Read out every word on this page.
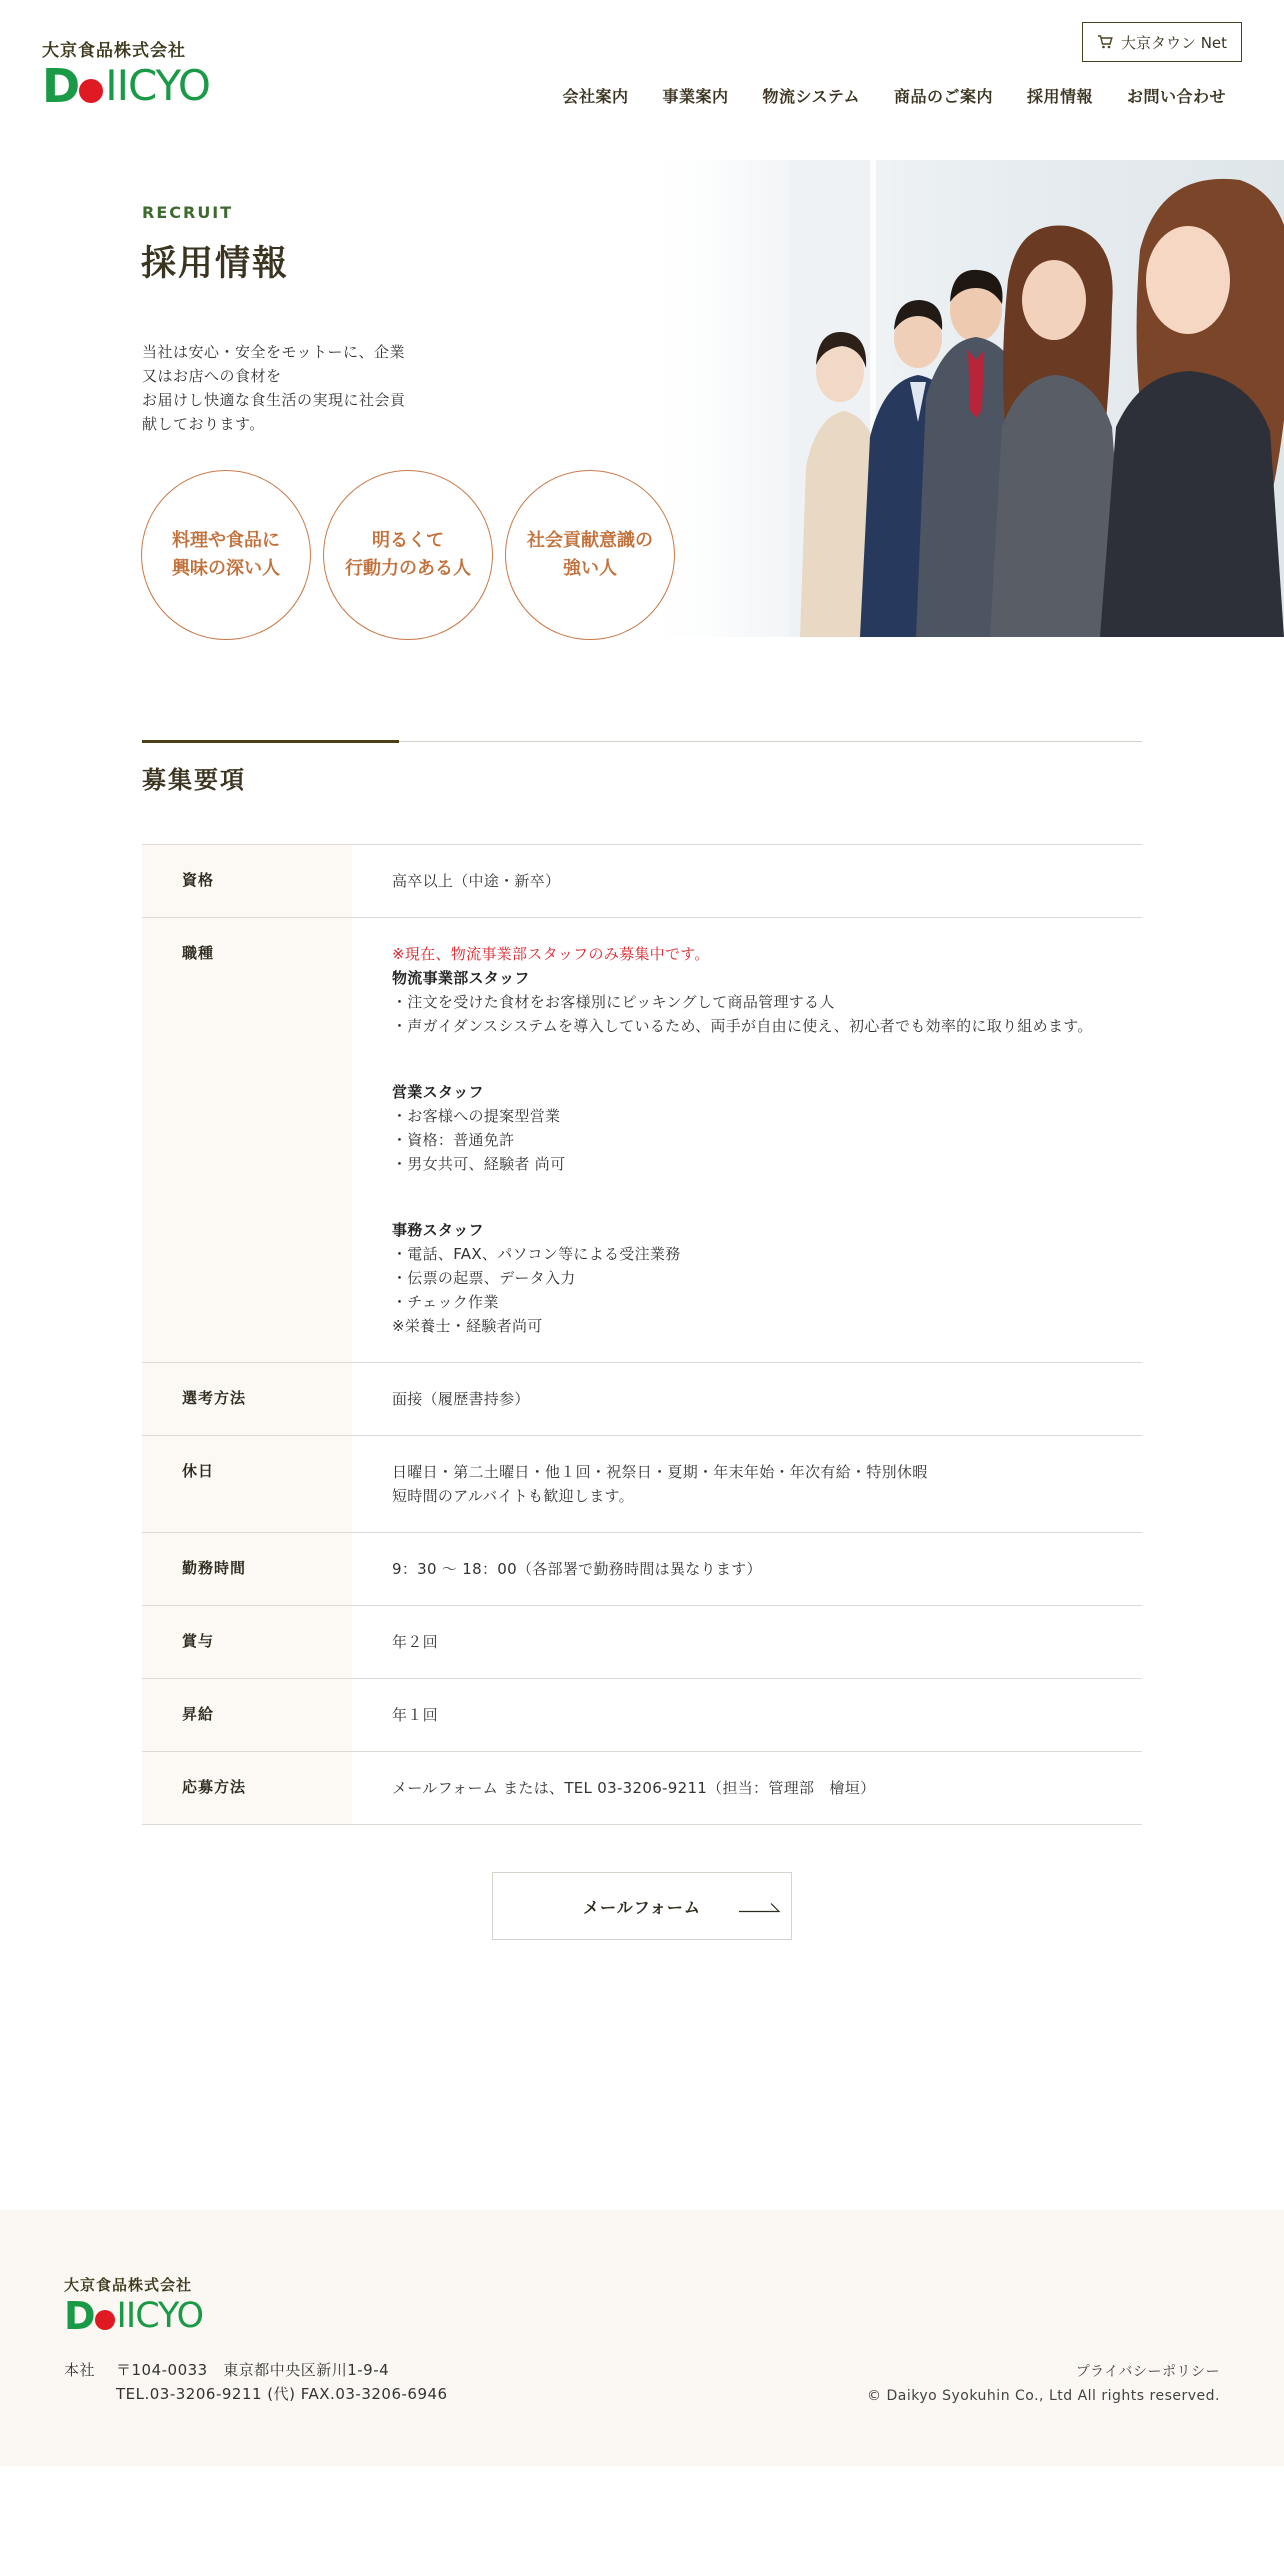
大京食品株式会社
D IICYO
大京タウン Net
会社案内 事業案内 物流システム 商品のご案内 採用情報 お問い合わせ
RECRUIT
採用情報
当社は安心・安全をモットーに、企業
又はお店への食材を
お届けし快適な食生活の実現に社会貢
献しております。
料理や食品に
興味の深い人
明るくて
行動力のある人
社会貢献意識の
強い人
募集要項
資格	高卒以上（中途・新卒）
職種	※現在、物流事業部スタッフのみ募集中です。
物流事業部スタッフ
・注文を受けた食材をお客様別にピッキングして商品管理する人
・声ガイダンスシステムを導入しているため、両手が自由に使え、初心者でも効率的に取り組めます。
営業スタッフ
・お客様への提案型営業
・資格：普通免許
・男女共可、経験者 尚可
事務スタッフ
・電話、FAX、パソコン等による受注業務
・伝票の起票、データ入力
・チェック作業
※栄養士・経験者尚可
選考方法	面接（履歴書持参）
休日	日曜日・第二土曜日・他１回・祝祭日・夏期・年末年始・年次有給・特別休暇
短時間のアルバイトも歓迎します。
勤務時間	9：30 〜 18：00（各部署で勤務時間は異なります）
賞与	年２回
昇給	年１回
応募方法	メールフォーム または、TEL 03-3206-9211（担当：管理部　檜垣）
メールフォーム
大京食品株式会社
D IICYO
本社	〒104-0033　東京都中央区新川1-9-4
TEL.03-3206-9211 (代) FAX.03-3206-6946
プライバシーポリシー
© Daikyo Syokuhin Co., Ltd All rights reserved.
